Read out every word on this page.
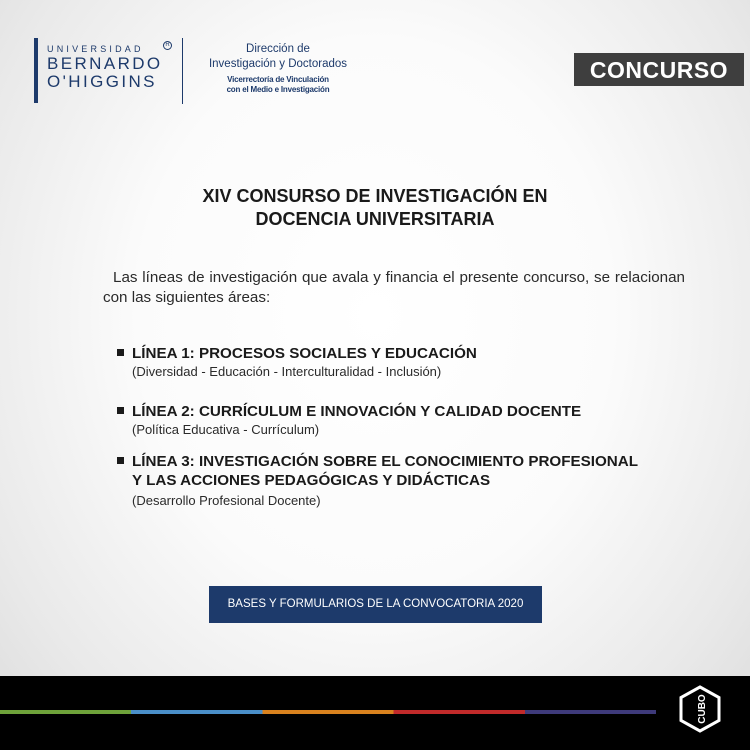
UNIVERSIDAD
BERNARDO
O'HIGGINS
R	Dirección de
Investigación y Doctorados
Vicerrectoría de Vinculación
con el Medio e Investigación
CONCURSO
XIV CONSURSO DE INVESTIGACIÓN EN
DOCENCIA UNIVERSITARIA

Las líneas de investigación que avala y financia el presente concurso, se relacionan con las siguientes áreas:

LÍNEA 1: PROCESOS SOCIALES Y EDUCACIÓN
(Diversidad - Educación - Interculturalidad - Inclusión)
LÍNEA 2: CURRÍCULUM E INNOVACIÓN Y CALIDAD DOCENTE
(Política Educativa - Currículum)
LÍNEA 3: INVESTIGACIÓN SOBRE EL CONOCIMIENTO PROFESIONAL
Y LAS ACCIONES PEDAGÓGICAS Y DIDÁCTICAS
(Desarrollo Profesional Docente)
BASES Y FORMULARIOS DE LA CONVOCATORIA 2020
CUBO
